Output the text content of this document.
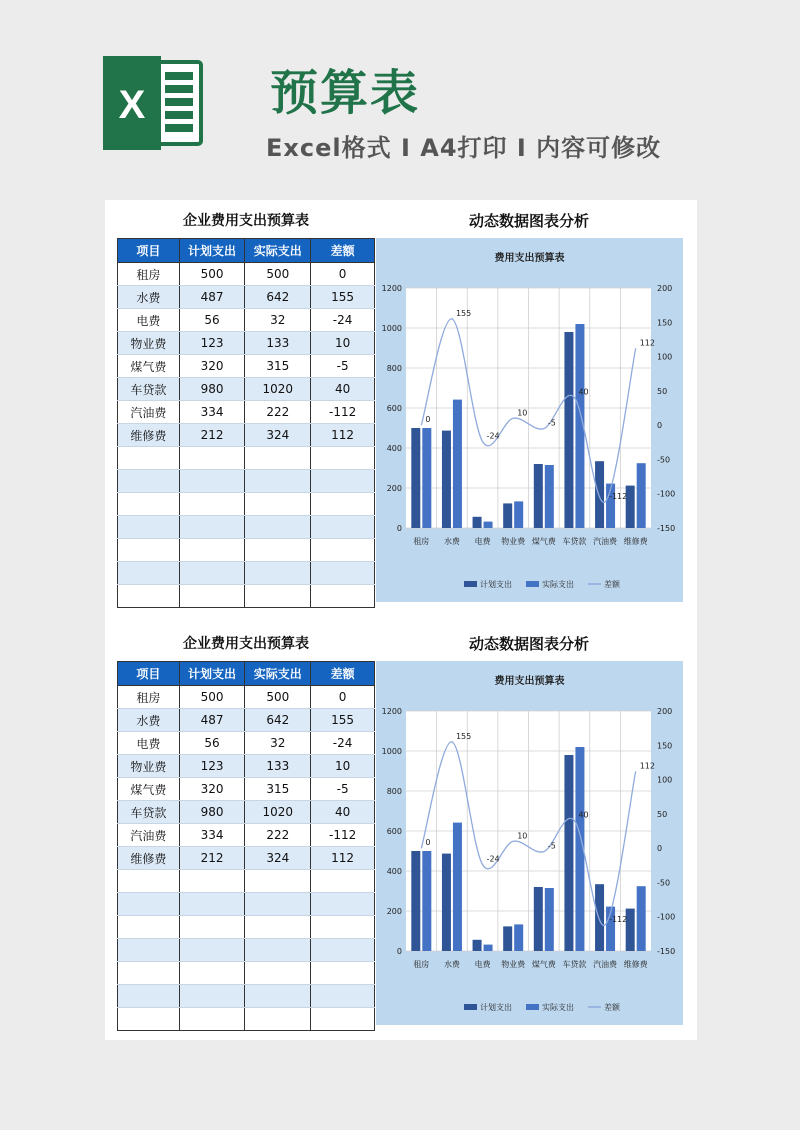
X	预算表
Excel格式 I A4打印 I 内容可修改
企业费用支出预算表	动态数据图表分析
项目	计划支出	实际支出	差额
租房	500	500	0
水费	487	642	155
电费	56	32	-24
物业费	123	133	10
煤气费	320	315	-5
车贷款	980	1020	40
汽油费	334	222	-112
维修费	212	324	112

费用支出预算表
1200
1000
800
600
400
200
0
200
150
100
50
0
-50
-100
-150
0
155
-24
10
-5
40
-112
112
租房 水费 电费 物业费 煤气费 车贷款 汽油费 维修费
计划支出	实际支出	差额
企业费用支出预算表	动态数据图表分析
项目	计划支出	实际支出	差额
租房	500	500	0
水费	487	642	155
电费	56	32	-24
物业费	123	133	10
煤气费	320	315	-5
车贷款	980	1020	40
汽油费	334	222	-112
维修费	212	324	112

费用支出预算表
1200
1000
800
600
400
200
0
200
150
100
50
0
-50
-100
-150
0
155
-24
10
-5
40
-112
112
租房 水费 电费 物业费 煤气费 车贷款 汽油费 维修费
计划支出	实际支出	差额
